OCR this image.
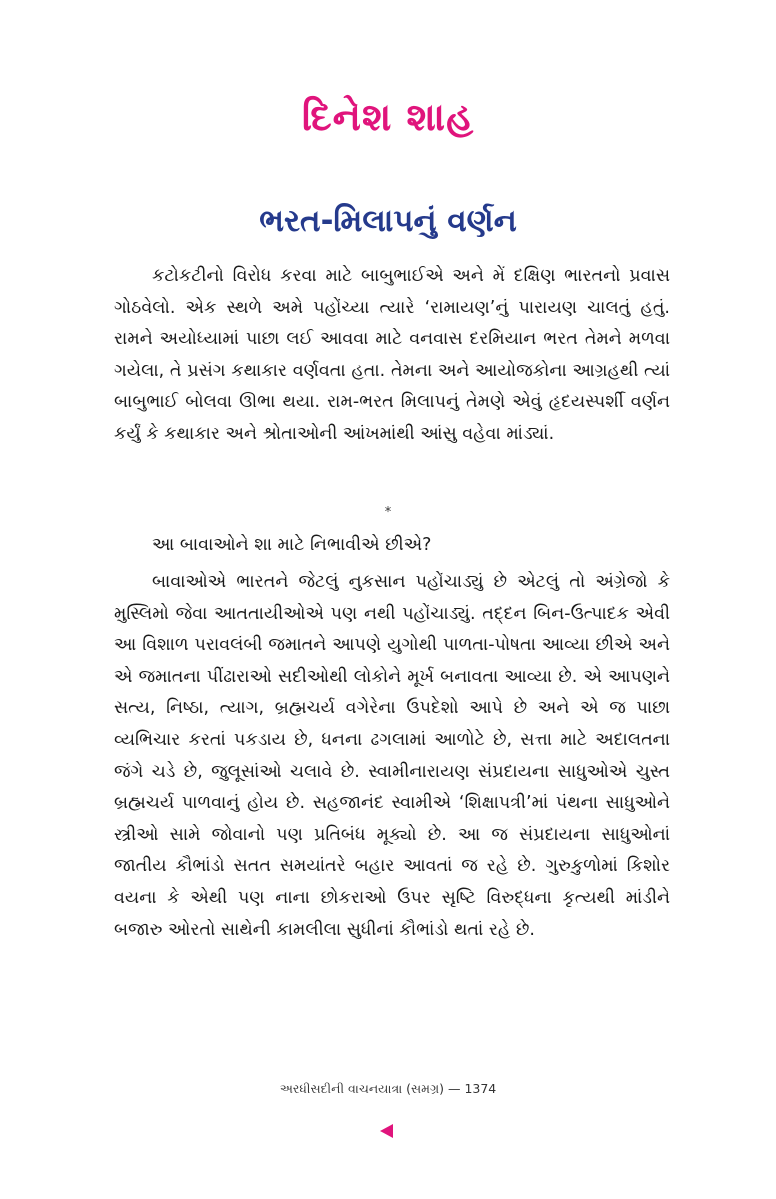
દિનેશ શાહ
ભરત-મિલાપનું વર્ણન

કટોકટીનો વિરોધ કરવા માટે બાબુભાઈએ અને મેં દક્ષિણ ભારતનો પ્રવાસ ગોઠવેલો. એક સ્થળે અમે પહોંચ્યા ત્યારે ‘રામાયણ’નું પારાયણ ચાલતું હતું. રામને અયોધ્યામાં પાછા લઈ આવવા માટે વનવાસ દરમિયાન ભરત તેમને મળવા ગયેલા, તે પ્રસંગ કથાકાર વર્ણવતા હતા. તેમના અને આયોજકોના આગ્રહથી ત્યાં બાબુભાઈ બોલવા ઊભા થયા. રામ-ભરત મિલાપનું તેમણે એવું હૃદયસ્પર્શી વર્ણન કર્યું કે કથાકાર અને શ્રોતાઓની આંખમાંથી આંસુ વહેવા માંડ્યાં.

*
આ બાવાઓને શા માટે નિભાવીએ છીએ?

બાવાઓએ ભારતને જેટલું નુકસાન પહોંચાડ્યું છે એટલું તો અંગ્રેજો કે મુસ્લિમો જેવા આતતાયીઓએ પણ નથી પહોંચાડ્યું. તદ્દન બિન-ઉત્પાદક એવી આ વિશાળ પરાવલંબી જમાતને આપણે યુગોથી પાળતા-પોષતા આવ્યા છીએ અને એ જમાતના પીંઢારાઓ સદીઓથી લોકોને મૂર્ખ બનાવતા આવ્યા છે. એ આપણને સત્ય, નિષ્ઠા, ત્યાગ, બ્રહ્મચર્ય વગેરેના ઉપદેશો આપે છે અને એ જ પાછા વ્યભિચાર કરતાં પકડાય છે, ધનના ઢગલામાં આળોટે છે, સત્તા માટે અદાલતના જંગે ચડે છે, જુલૂસાંઓ ચલાવે છે. સ્વામીનારાયણ સંપ્રદાયના સાધુઓએ ચુસ્ત બ્રહ્મચર્ય પાળવાનું હોય છે. સહજાનંદ સ્વામીએ ‘શિક્ષાપત્રી’માં પંથના સાધુઓને સ્ત્રીઓ સામે જોવાનો પણ પ્રતિબંધ મૂક્યો છે. આ જ સંપ્રદાયના સાધુઓનાં જાતીય કૌભાંડો સતત સમયાંતરે બહાર આવતાં જ રહે છે. ગુરુકુળોમાં કિશોર વયના કે એથી પણ નાના છોકરાઓ ઉપર સૃષ્ટિ વિરુદ્ધના કૃત્યથી માંડીને બજારુ ઓરતો સાથેની કામલીલા સુધીનાં કૌભાંડો થતાં રહે છે.

અરધીસદીની વાચનયાત્રા (સમગ્ર) — 1374
